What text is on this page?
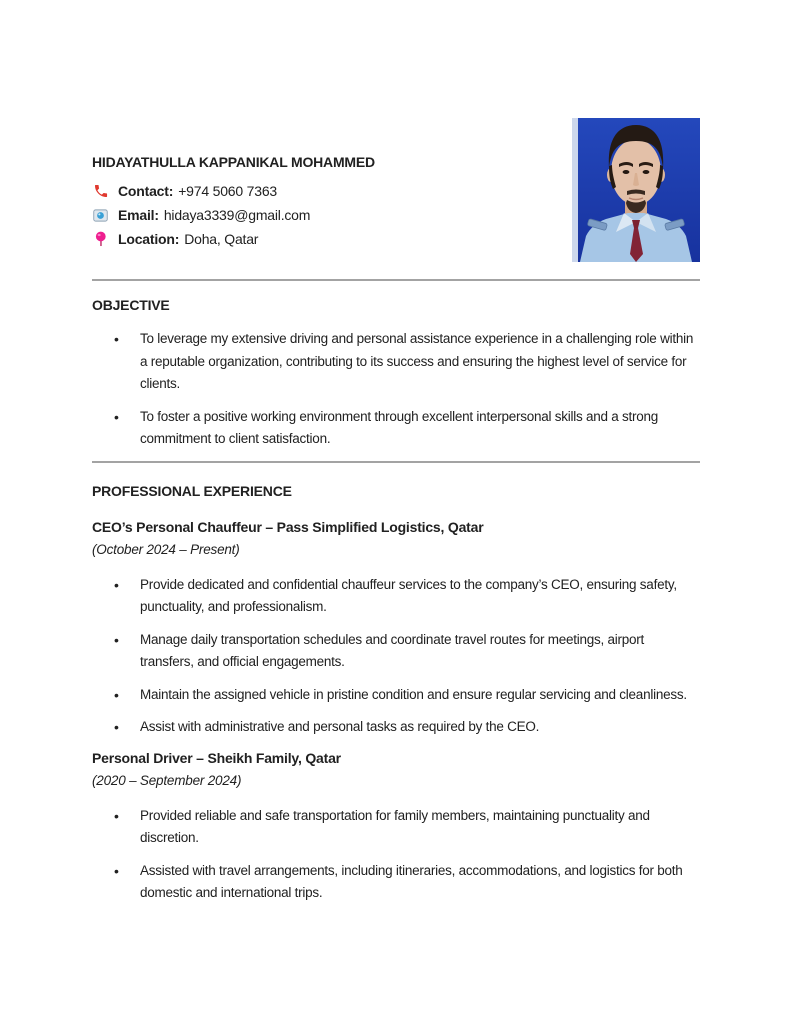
HIDAYATHULLA KAPPANIKAL MOHAMMED
Contact: +974 5060 7363
Email: hidaya3339@gmail.com
Location: Doha, Qatar
OBJECTIVE
• To leverage my extensive driving and personal assistance experience in a challenging role within a reputable organization, contributing to its success and ensuring the highest level of service for clients.
• To foster a positive working environment through excellent interpersonal skills and a strong commitment to client satisfaction.
PROFESSIONAL EXPERIENCE
CEO’s Personal Chauffeur – Pass Simplified Logistics, Qatar
(October 2024 – Present)
• Provide dedicated and confidential chauffeur services to the company’s CEO, ensuring safety, punctuality, and professionalism.
• Manage daily transportation schedules and coordinate travel routes for meetings, airport transfers, and official engagements.
• Maintain the assigned vehicle in pristine condition and ensure regular servicing and cleanliness.
• Assist with administrative and personal tasks as required by the CEO.
Personal Driver – Sheikh Family, Qatar
(2020 – September 2024)
• Provided reliable and safe transportation for family members, maintaining punctuality and discretion.
• Assisted with travel arrangements, including itineraries, accommodations, and logistics for both domestic and international trips.
